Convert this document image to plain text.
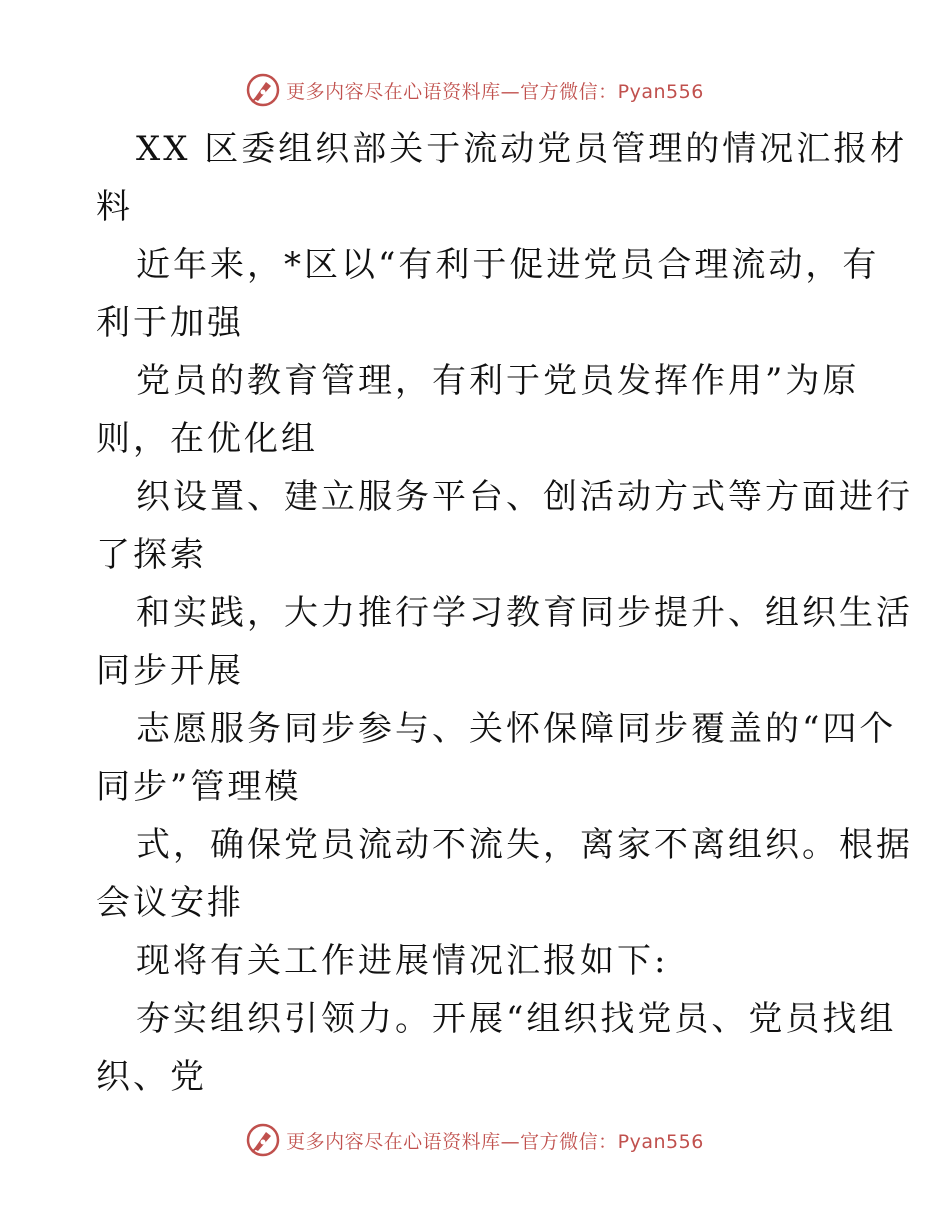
更多内容尽在心语资料库—官方微信：Pyan556
XX 区委组织部关于流动党员管理的情况汇报材
料
近年来，*区以“有利于促进党员合理流动，有
利于加强
党员的教育管理，有利于党员发挥作用”为原
则，在优化组
织设置、建立服务平台、创活动方式等方面进行
了探索
和实践，大力推行学习教育同步提升、组织生活
同步开展
志愿服务同步参与、关怀保障同步覆盖的“四个
同步”管理模
式，确保党员流动不流失，离家不离组织。根据
会议安排
现将有关工作进展情况汇报如下:
夯实组织引领力。开展“组织找党员、党员找组
织、党
更多内容尽在心语资料库—官方微信：Pyan556
